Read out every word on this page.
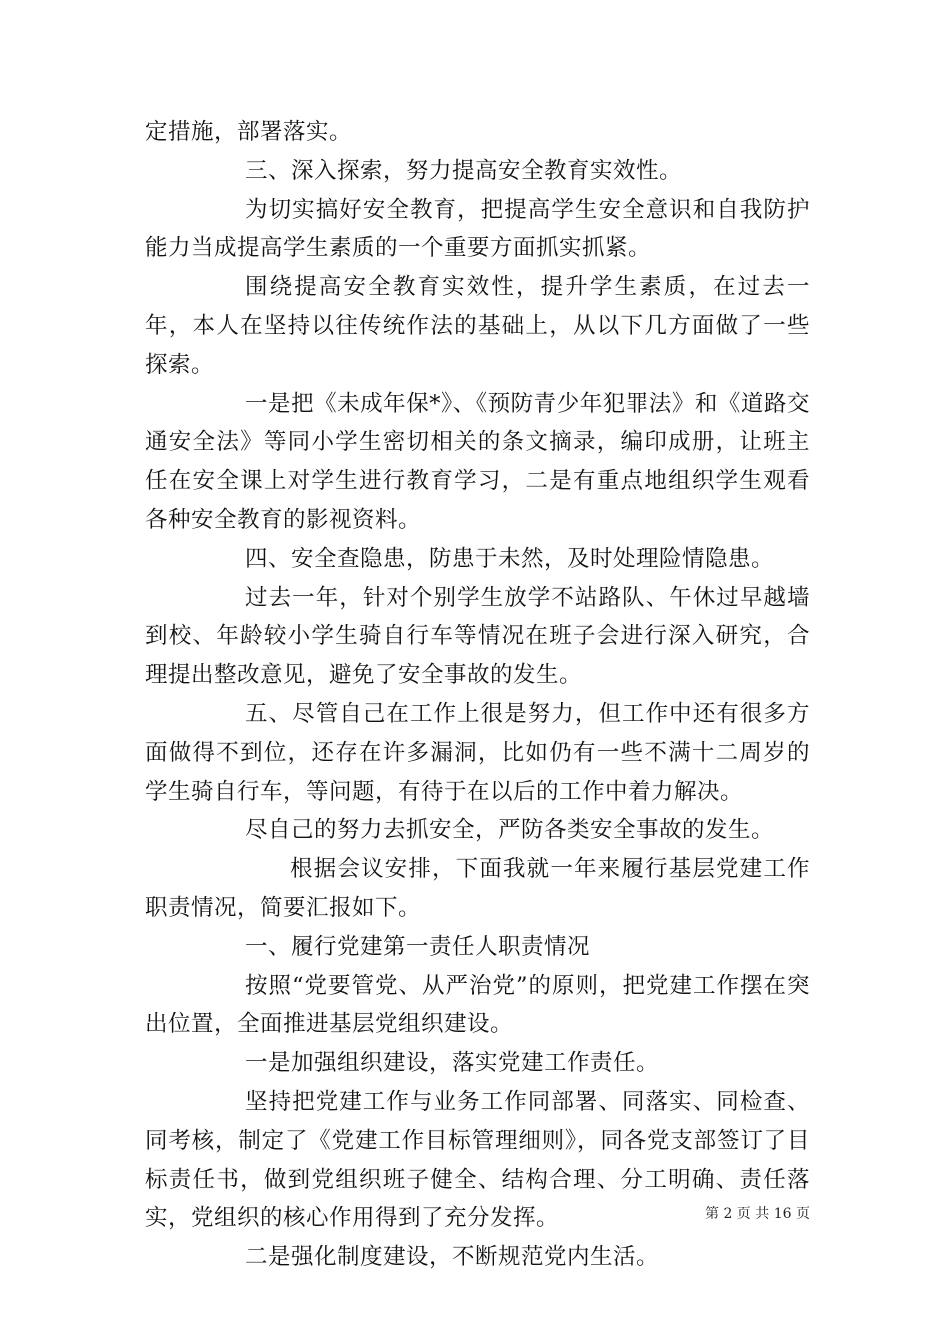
定措施，部署落实。

三、深入探索，努力提高安全教育实效性。

为切实搞好安全教育，把提高学生安全意识和自我防护能力当成提高学生素质的一个重要方面抓实抓紧。

围绕提高安全教育实效性，提升学生素质，在过去一年，本人在坚持以往传统作法的基础上，从以下几方面做了一些探索。

一是把《未成年保*》、《预防青少年犯罪法》和《道路交通安全法》等同小学生密切相关的条文摘录，编印成册，让班主任在安全课上对学生进行教育学习，二是有重点地组织学生观看各种安全教育的影视资料。

四、安全查隐患，防患于未然，及时处理险情隐患。

过去一年，针对个别学生放学不站路队、午休过早越墙到校、年龄较小学生骑自行车等情况在班子会进行深入研究，合理提出整改意见，避免了安全事故的发生。

五、尽管自己在工作上很是努力，但工作中还有很多方面做得不到位，还存在许多漏洞，比如仍有一些不满十二周岁的学生骑自行车，等问题，有待于在以后的工作中着力解决。

尽自己的努力去抓安全，严防各类安全事故的发生。

根据会议安排，下面我就一年来履行基层党建工作职责情况，简要汇报如下。

一、履行党建第一责任人职责情况

按照“党要管党、从严治党”的原则，把党建工作摆在突出位置，全面推进基层党组织建设。

一是加强组织建设，落实党建工作责任。

坚持把党建工作与业务工作同部署、同落实、同检查、同考核，制定了《党建工作目标管理细则》，同各党支部签订了目标责任书，做到党组织班子健全、结构合理、分工明确、责任落实，党组织的核心作用得到了充分发挥。

二是强化制度建设，不断规范党内生活。

第 2 页 共 16 页
